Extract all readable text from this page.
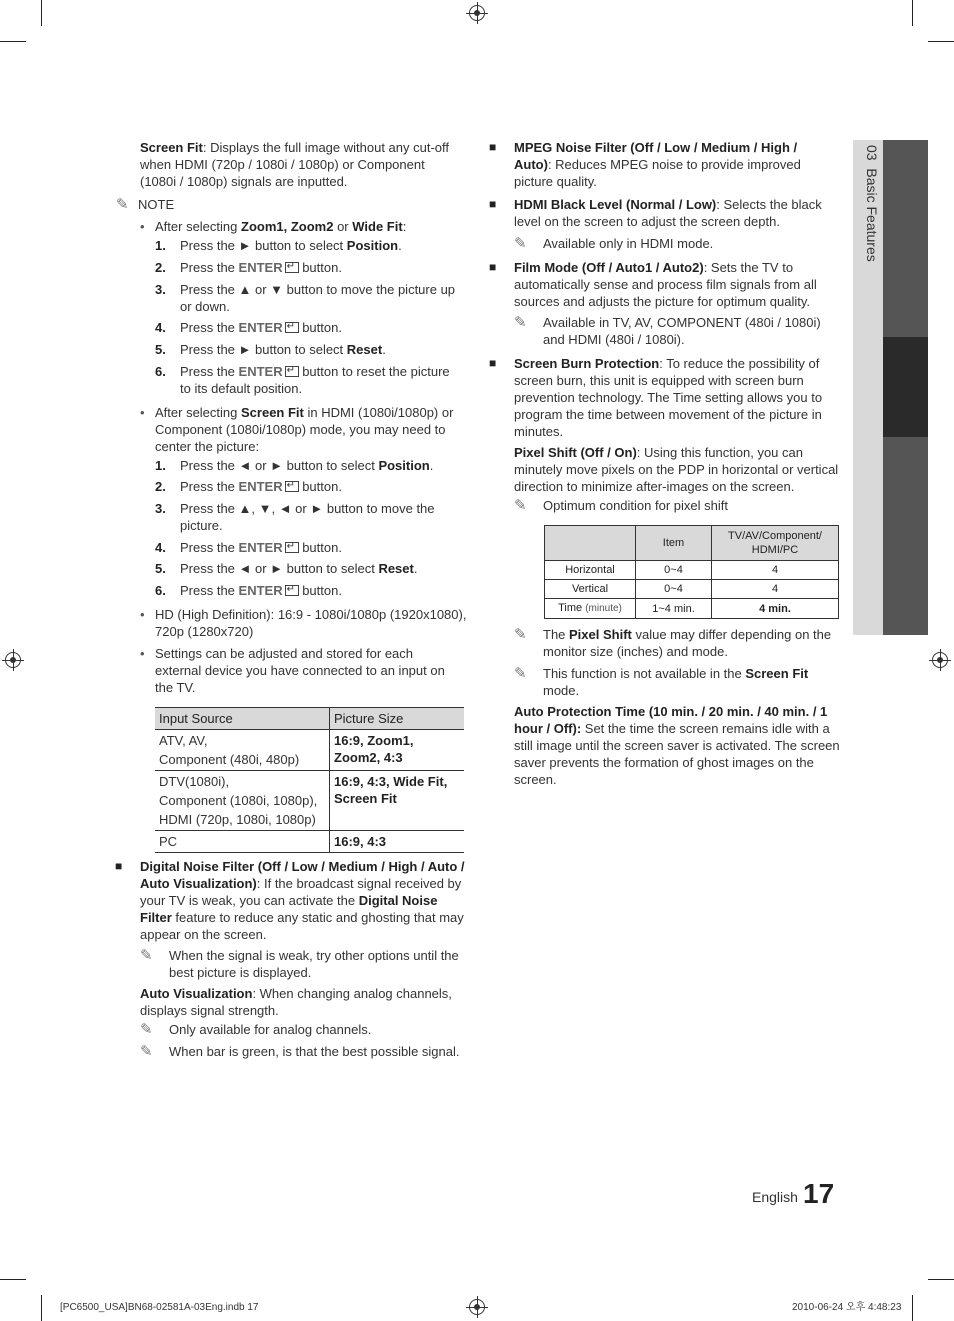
03  Basic Features

Screen Fit: Displays the full image without any cut-off when HDMI (720p / 1080i / 1080p) or Component (1080i / 1080p) signals are inputted.

✎ NOTE
• After selecting Zoom1, Zoom2 or Wide Fit:
1. Press the ► button to select Position.
2. Press the ENTER↵ button.
3. Press the ▲ or ▼ button to move the picture up or down.
4. Press the ENTER↵ button.
5. Press the ► button to select Reset.
6. Press the ENTER↵ button to reset the picture to its default position.
• After selecting Screen Fit in HDMI (1080i/1080p) or Component (1080i/1080p) mode, you may need to center the picture:
1. Press the ◄ or ► button to select Position.
2. Press the ENTER↵ button.
3. Press the ▲, ▼, ◄ or ► button to move the picture.
4. Press the ENTER↵ button.
5. Press the ◄ or ► button to select Reset.
6. Press the ENTER↵ button.
• HD (High Definition): 16:9 - 1080i/1080p (1920x1080), 720p (1280x720)
• Settings can be adjusted and stored for each external device you have connected to an input on the TV.
Input Source	Picture Size

ATV, AV,
Component (480i, 480p)	16:9, Zoom1, Zoom2, 4:3

DTV(1080i),
Component (1080i, 1080p),
HDMI (720p, 1080i, 1080p)	16:9, 4:3, Wide Fit, Screen Fit
PC	16:9, 4:3
■ Digital Noise Filter (Off / Low / Medium / High / Auto / Auto Visualization): If the broadcast signal received by your TV is weak, you can activate the Digital Noise Filter feature to reduce any static and ghosting that may appear on the screen.
✎	When the signal is weak, try other options until the best picture is displayed.
Auto Visualization: When changing analog channels, displays signal strength.
✎	Only available for analog channels.
✎	When bar is green, is that the best possible signal.
■ MPEG Noise Filter (Off / Low / Medium / High / Auto): Reduces MPEG noise to provide improved picture quality.
■ HDMI Black Level (Normal / Low): Selects the black level on the screen to adjust the screen depth.
✎	Available only in HDMI mode.
■ Film Mode (Off / Auto1 / Auto2): Sets the TV to automatically sense and process film signals from all sources and adjusts the picture for optimum quality.
✎	Available in TV, AV, COMPONENT (480i / 1080i) and HDMI (480i / 1080i).
■ Screen Burn Protection: To reduce the possibility of screen burn, this unit is equipped with screen burn prevention technology. The Time setting allows you to program the time between movement of the picture in minutes.
Pixel Shift (Off / On): Using this function, you can minutely move pixels on the PDP in horizontal or vertical direction to minimize after-images on the screen.
✎	Optimum condition for pixel shift
	Item	TV/AV/Component/ HDMI/PC
Horizontal	0~4	4
Vertical	0~4	4
Time (minute)	1~4 min.	4 min.
✎	The Pixel Shift value may differ depending on the monitor size (inches) and mode.
✎	This function is not available in the Screen Fit mode.
Auto Protection Time (10 min. / 20 min. / 40 min. / 1 hour / Off): Set the time the screen remains idle with a still image until the screen saver is activated. The screen saver prevents the formation of ghost images on the screen.
English 17
[PC6500_USA]BN68-02581A-03Eng.indb 17	2010-06-24 오후 4:48:23
